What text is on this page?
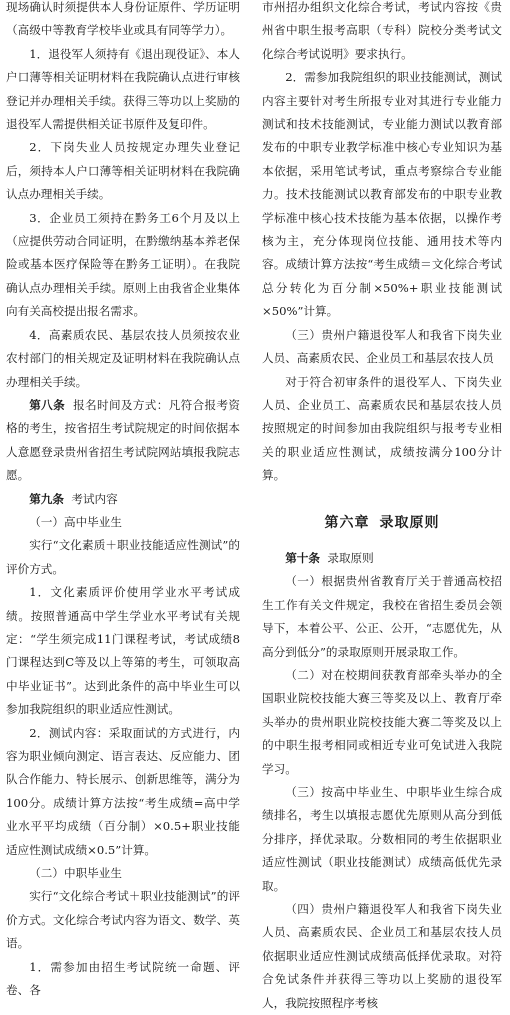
现场确认时须提供本人身份证原件、学历证明（高级中等教育学校毕业或具有同等学力）。

1．退役军人须持有《退出现役证》、本人户口薄等相关证明材料在我院确认点进行审核登记并办理相关手续。获得三等功以上奖励的退役军人需提供相关证书原件及复印件。

2．下岗失业人员按规定办理失业登记后，须持本人户口薄等相关证明材料在我院确认点办理相关手续。

3．企业员工须持在黔务工6个月及以上（应提供劳动合同证明，在黔缴纳基本养老保险或基本医疗保险等在黔务工证明）。在我院确认点办理相关手续。原则上由我省企业集体向有关高校提出报名需求。

4．高素质农民、基层农技人员须按农业农村部门的相关规定及证明材料在我院确认点办理相关手续。

第八条 报名时间及方式：凡符合报考资格的考生，按省招生考试院规定的时间依据本人意愿登录贵州省招生考试院网站填报我院志愿。

第九条 考试内容

（一）高中毕业生

实行“文化素质＋职业技能适应性测试”的评价方式。

1．文化素质评价使用学业水平考试成绩。按照普通高中学生学业水平考试有关规定：“学生须完成11门课程考试，考试成绩8门课程达到C等及以上等第的考生，可领取高中毕业证书”。达到此条件的高中毕业生可以参加我院组织的职业适应性测试。

2．测试内容：采取面试的方式进行，内容为职业倾向测定、语言表达、反应能力、团队合作能力、特长展示、创新思维等，满分为100分。成绩计算方法按“考生成绩=高中学业水平平均成绩（百分制）×0.5+职业技能适应性测试成绩×0.5”计算。

（二）中职毕业生

实行“文化综合考试＋职业技能测试”的评价方式。文化综合考试内容为语文、数学、英语。

1．需参加由招生考试院统一命题、评卷、各

市州招办组织文化综合考试，考试内容按《贵州省中职生报考高职（专科）院校分类考试文化综合考试说明》要求执行。

2．需参加我院组织的职业技能测试，测试内容主要针对考生所报专业对其进行专业能力测试和技术技能测试，专业能力测试以教育部发布的中职专业教学标准中核心专业知识为基本依据，采用笔试考试，重点考察综合专业能力。技术技能测试以教育部发布的中职专业教学标准中核心技术技能为基本依据，以操作考核为主，充分体现岗位技能、通用技术等内容。成绩计算方法按“考生成绩＝文化综合考试总分转化为百分制×50%+职业技能测试×50%”计算。

（三）贵州户籍退役军人和我省下岗失业人员、高素质农民、企业员工和基层农技人员

对于符合初审条件的退役军人、下岗失业人员、企业员工、高素质农民和基层农技人员按照规定的时间参加由我院组织与报考专业相关的职业适应性测试，成绩按满分100分计算。

第六章 录取原则

第十条 录取原则

（一）根据贵州省教育厅关于普通高校招生工作有关文件规定，我校在省招生委员会领导下，本着公平、公正、公开，“志愿优先，从高分到低分”的录取原则开展录取工作。

（二）对在校期间获教育部牵头举办的全国职业院校技能大赛三等奖及以上、教育厅牵头举办的贵州职业院校技能大赛二等奖及以上的中职生报考相同或相近专业可免试进入我院学习。

（三）按高中毕业生、中职毕业生综合成绩排名，考生以填报志愿优先原则从高分到低分排序，择优录取。分数相同的考生依据职业适应性测试（职业技能测试）成绩高低优先录取。

（四）贵州户籍退役军人和我省下岗失业人员、高素质农民、企业员工和基层农技人员依据职业适应性测试成绩高低择优录取。对符合免试条件并获得三等功以上奖励的退役军人，我院按照程序考核
